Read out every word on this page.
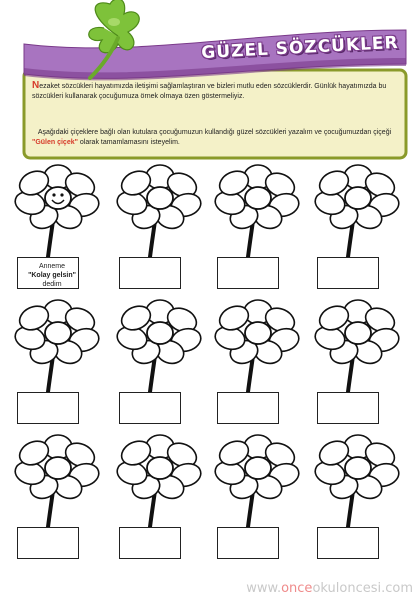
GÜZEL SÖZCÜKLER

Nezaket sözcükleri hayatımızda iletişimi sağlamlaştıran ve bizleri mutlu eden sözcüklerdir. Günlük hayatımızda bu sözcükleri kullanarak çocuğumuza örnek olmaya özen göstermeliyiz.

Aşağıdaki çiçeklere bağlı olan kutulara çocuğumuzun kullandığı güzel sözcükleri yazalım ve çocuğumuzdan çiçeği "Gülen çiçek" olarak tamamlamasını isteyelim.

Anneme
"Kolay gelsin"
dedim
www.onceokuloncesi.com
